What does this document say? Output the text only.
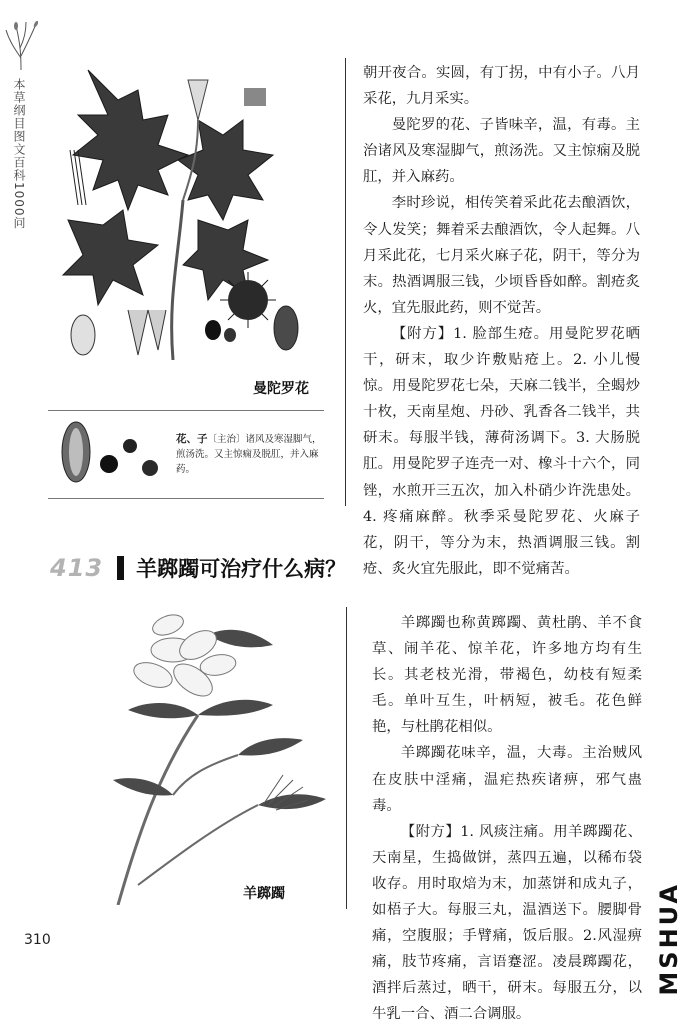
本草纲目图文百科1000问
曼陀罗花
花、子〔主治〕诸风及寒湿脚气，煎汤洗。又主惊痫及脱肛，并入麻药。

朝开夜合。实圆，有丁拐，中有小子。八月采花，九月采实。

曼陀罗的花、子皆味辛，温，有毒。主治诸风及寒湿脚气，煎汤洗。又主惊痫及脱肛，并入麻药。

李时珍说，相传笑着采此花去酿酒饮，令人发笑；舞着采去酿酒饮，令人起舞。八月采此花，七月采火麻子花，阴干，等分为末。热酒调服三钱，少顷昏昏如醉。割疮炙火，宜先服此药，则不觉苦。

【附方】1. 脸部生疮。用曼陀罗花晒干，研末，取少许敷贴疮上。2. 小儿慢惊。用曼陀罗花七朵，天麻二钱半，全蝎炒十枚，天南星炮、丹砂、乳香各二钱半，共研末。每服半钱，薄荷汤调下。3. 大肠脱肛。用曼陀罗子连壳一对、橡斗十六个，同锉，水煎开三五次，加入朴硝少许洗患处。4. 疼痛麻醉。秋季采曼陀罗花、火麻子花，阴干，等分为末，热酒调服三钱。割疮、炙火宜先服此，即不觉痛苦。

413 羊踯躅可治疗什么病？
羊踯躅

羊踯躅也称黄踯躅、黄杜鹃、羊不食草、闹羊花、惊羊花，许多地方均有生长。其老枝光滑，带褐色，幼枝有短柔毛。单叶互生，叶柄短，被毛。花色鲜艳，与杜鹃花相似。

羊踯躅花味辛，温，大毒。主治贼风在皮肤中淫痛，温疟热疾诸痹，邪气蛊毒。

【附方】1. 风痰注痛。用羊踯躅花、天南星，生捣做饼，蒸四五遍，以稀布袋收存。用时取焙为末，加蒸饼和成丸子，如梧子大。每服三丸，温酒送下。腰脚骨痛，空腹服；手臂痛，饭后服。2.风湿痹痛，肢节疼痛，言语蹇涩。凌晨踯躅花，酒拌后蒸过，晒干，研末。每服五分，以牛乳一合、酒二合调服。

310	MSHUA
